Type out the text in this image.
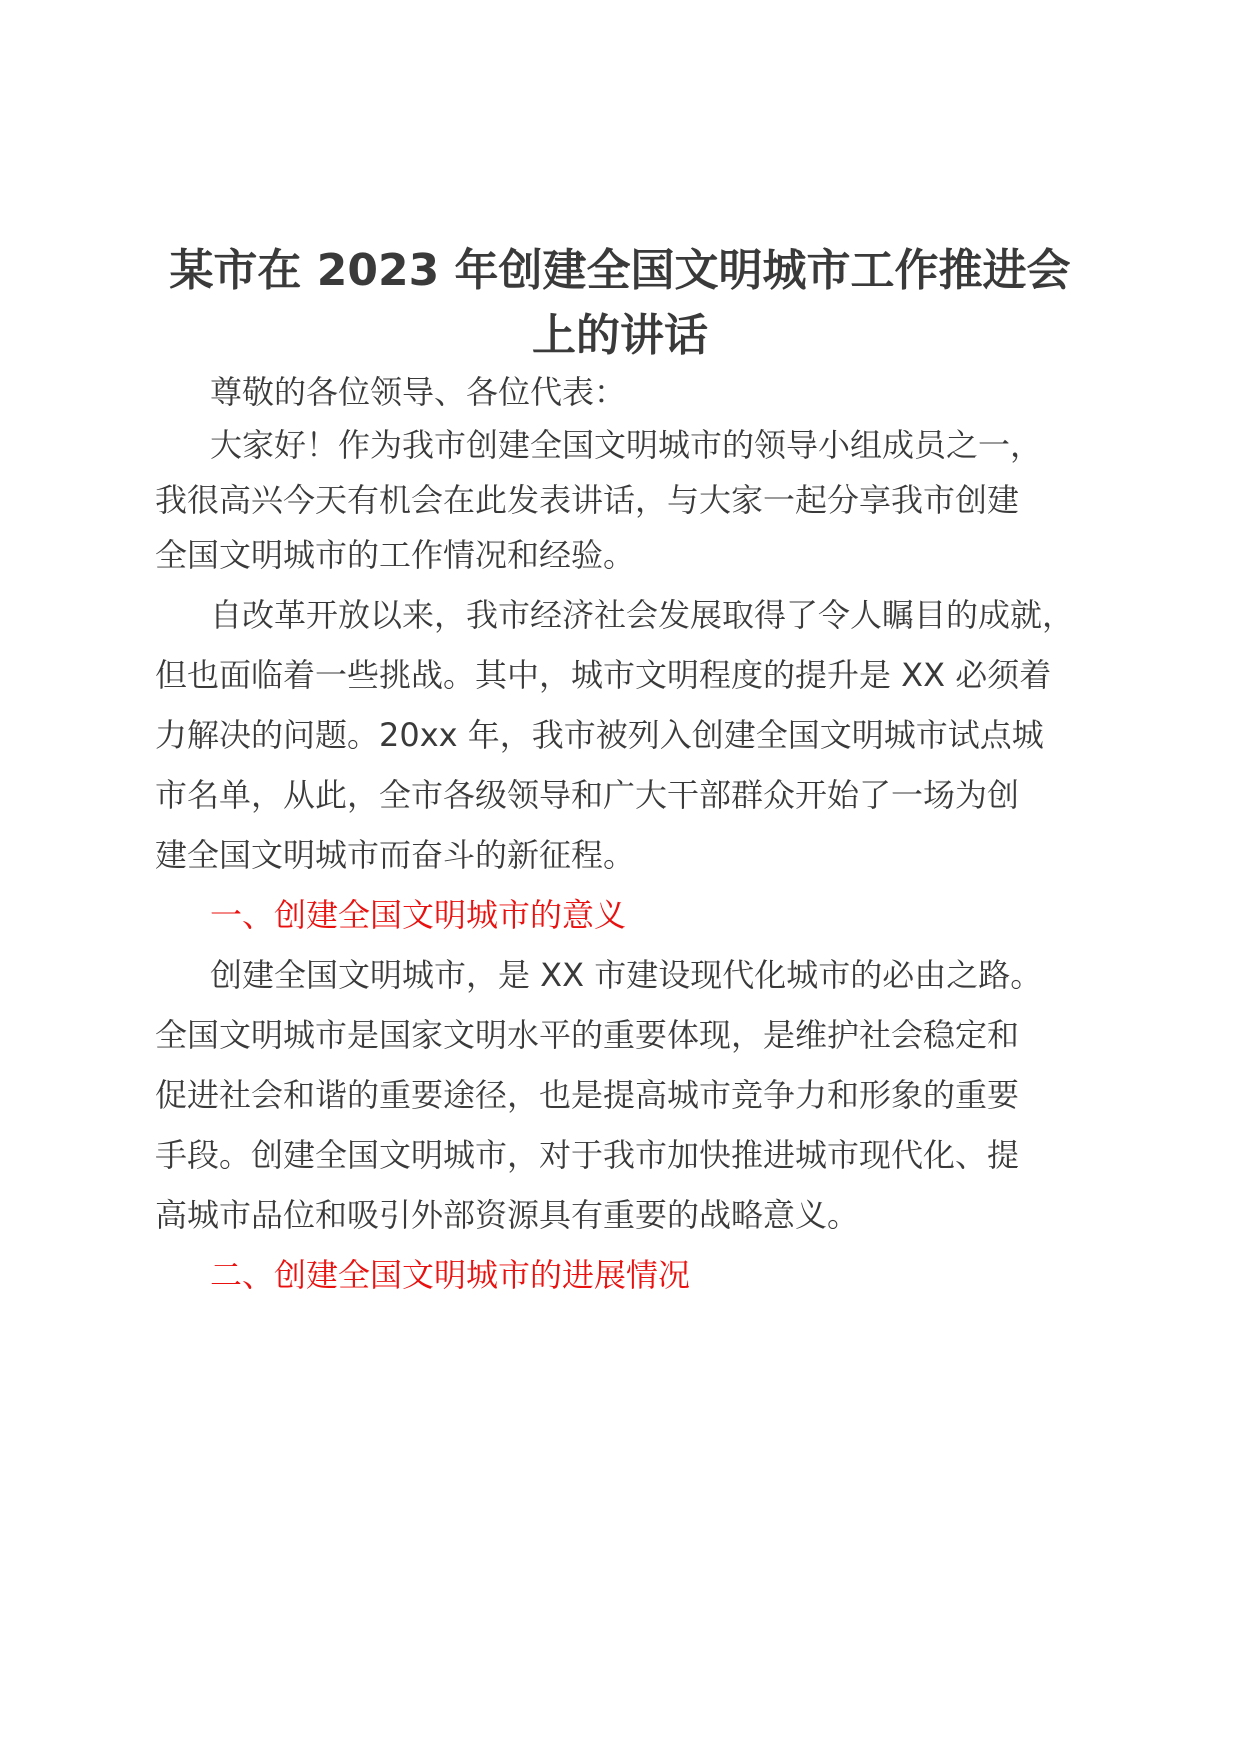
某市在 2023 年创建全国文明城市工作推进会
上的讲话
尊敬的各位领导、各位代表：
大家好！作为我市创建全国文明城市的领导小组成员之一，
我很高兴今天有机会在此发表讲话，与大家一起分享我市创建
全国文明城市的工作情况和经验。
自改革开放以来，我市经济社会发展取得了令人瞩目的成就，
但也面临着一些挑战。其中，城市文明程度的提升是 XX 必须着
力解决的问题。20xx 年，我市被列入创建全国文明城市试点城
市名单，从此，全市各级领导和广大干部群众开始了一场为创
建全国文明城市而奋斗的新征程。
一、创建全国文明城市的意义
创建全国文明城市，是 XX 市建设现代化城市的必由之路。
全国文明城市是国家文明水平的重要体现，是维护社会稳定和
促进社会和谐的重要途径，也是提高城市竞争力和形象的重要
手段。创建全国文明城市，对于我市加快推进城市现代化、提
高城市品位和吸引外部资源具有重要的战略意义。
二、创建全国文明城市的进展情况
